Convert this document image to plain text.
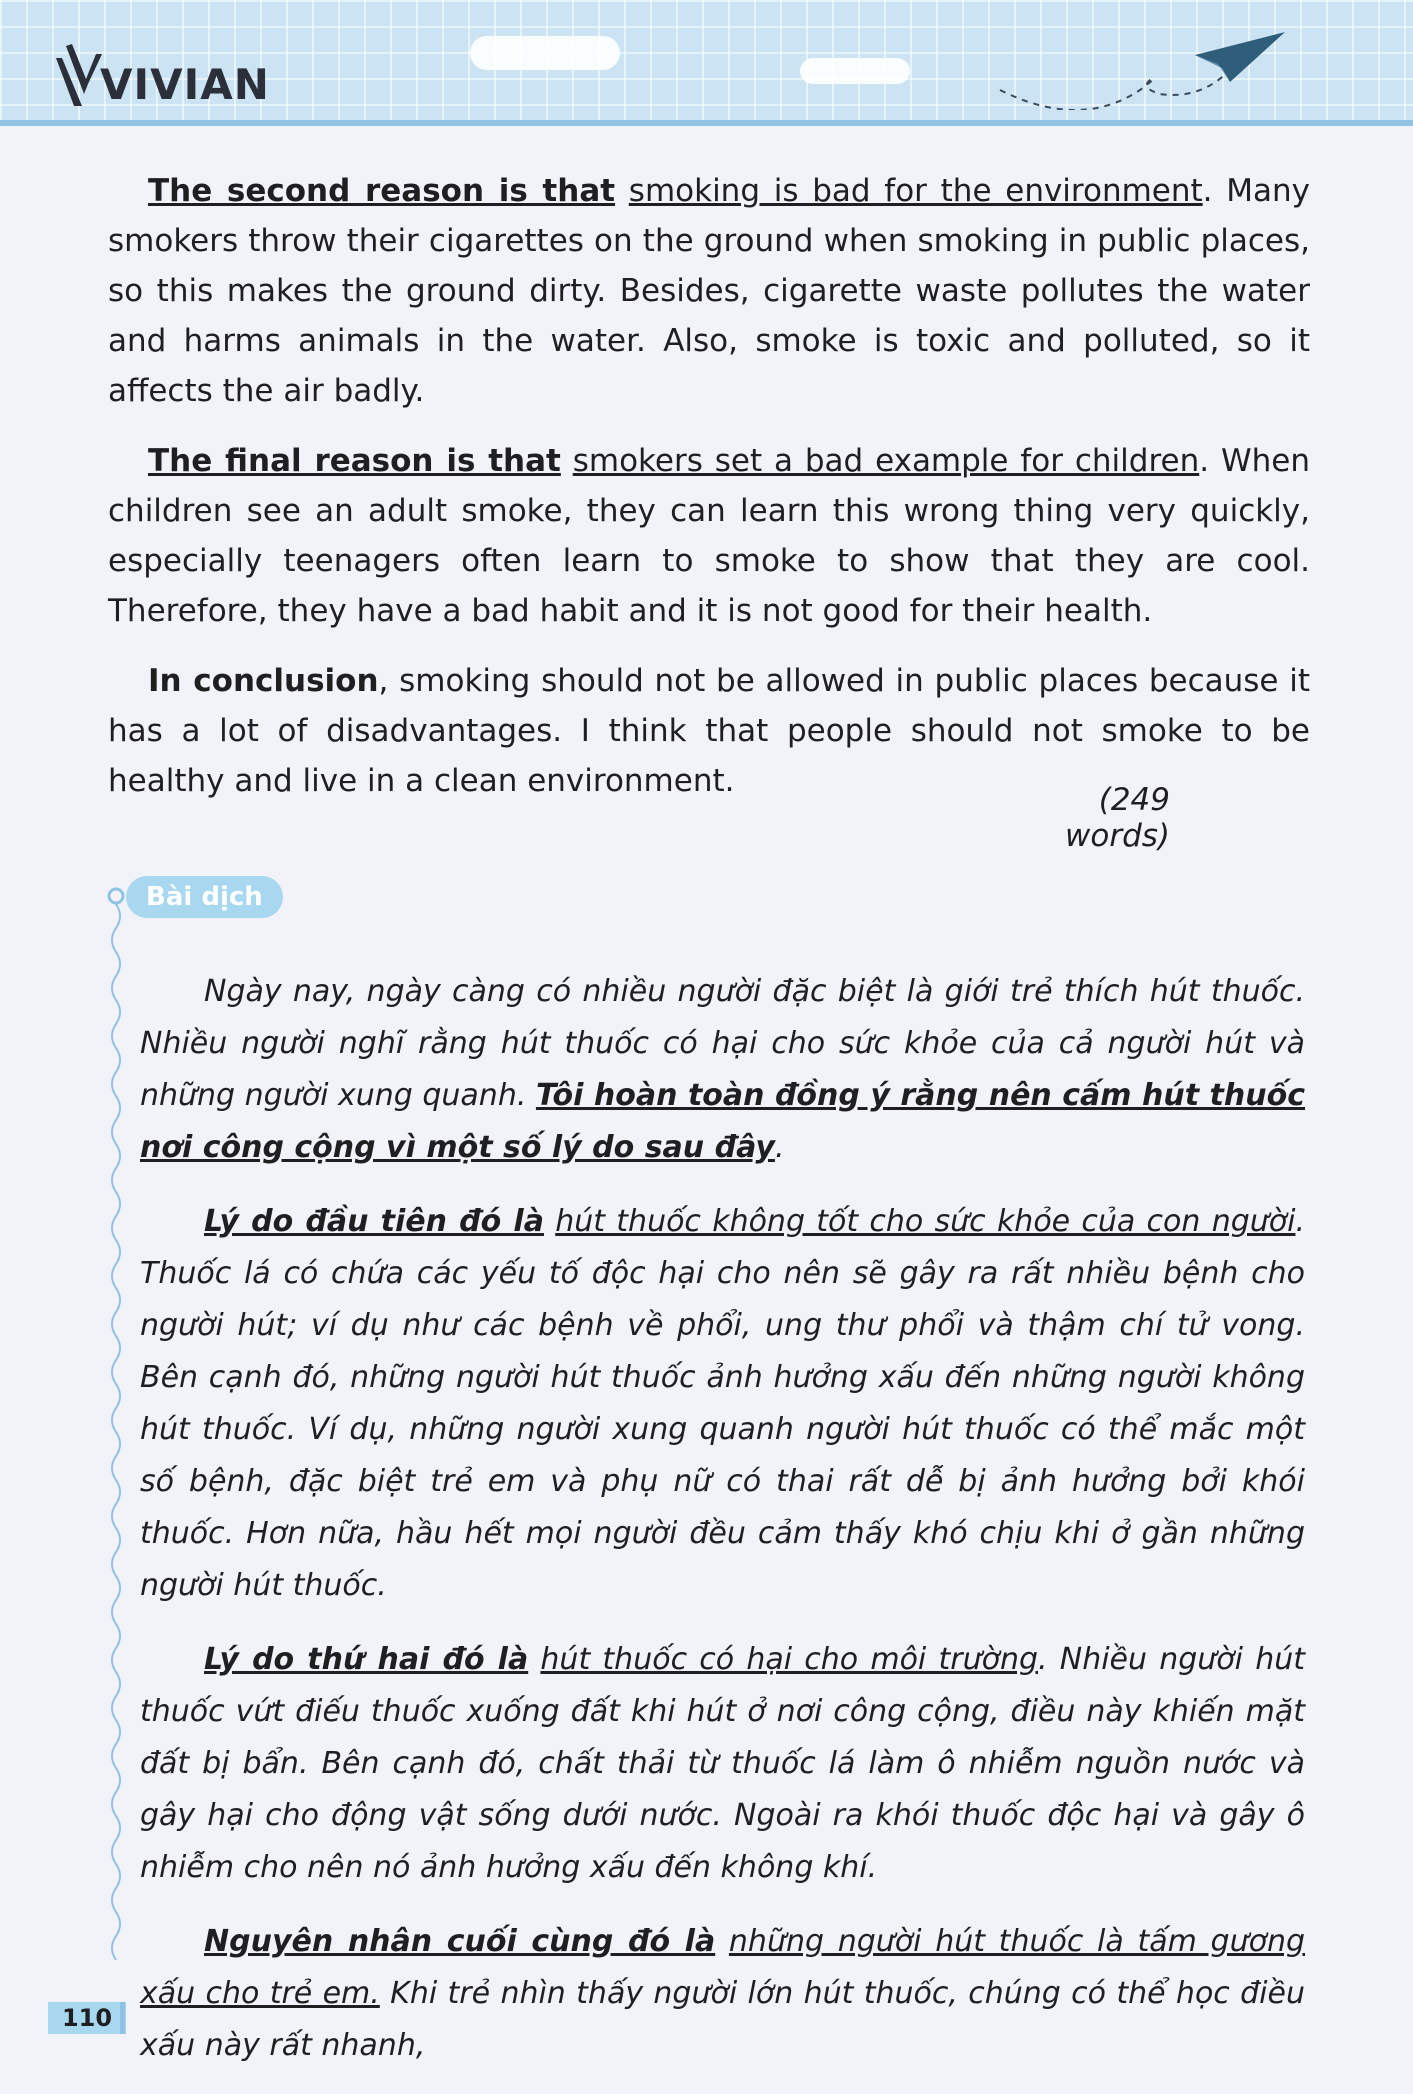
VIVIAN

The second reason is that smoking is bad for the environment. Many smokers throw their cigarettes on the ground when smoking in public places, so this makes the ground dirty. Besides, cigarette waste pollutes the water and harms animals in the water. Also, smoke is toxic and polluted, so it affects the air badly.

The final reason is that smokers set a bad example for children. When children see an adult smoke, they can learn this wrong thing very quickly, especially teenagers often learn to smoke to show that they are cool. Therefore, they have a bad habit and it is not good for their health.

In conclusion, smoking should not be allowed in public places because it has a lot of disadvantages. I think that people should not smoke to be healthy and live in a clean environment.

(249 words)
Bài dịch

Ngày nay, ngày càng có nhiều người đặc biệt là giới trẻ thích hút thuốc. Nhiều người nghĩ rằng hút thuốc có hại cho sức khỏe của cả người hút và những người xung quanh. Tôi hoàn toàn đồng ý rằng nên cấm hút thuốc nơi công cộng vì một số lý do sau đây.

Lý do đầu tiên đó là hút thuốc không tốt cho sức khỏe của con người. Thuốc lá có chứa các yếu tố độc hại cho nên sẽ gây ra rất nhiều bệnh cho người hút; ví dụ như các bệnh về phổi, ung thư phổi và thậm chí tử vong. Bên cạnh đó, những người hút thuốc ảnh hưởng xấu đến những người không hút thuốc. Ví dụ, những người xung quanh người hút thuốc có thể mắc một số bệnh, đặc biệt trẻ em và phụ nữ có thai rất dễ bị ảnh hưởng bởi khói thuốc. Hơn nữa, hầu hết mọi người đều cảm thấy khó chịu khi ở gần những người hút thuốc.

Lý do thứ hai đó là hút thuốc có hại cho môi trường. Nhiều người hút thuốc vứt điếu thuốc xuống đất khi hút ở nơi công cộng, điều này khiến mặt đất bị bẩn. Bên cạnh đó, chất thải từ thuốc lá làm ô nhiễm nguồn nước và gây hại cho động vật sống dưới nước. Ngoài ra khói thuốc độc hại và gây ô nhiễm cho nên nó ảnh hưởng xấu đến không khí.

Nguyên nhân cuối cùng đó là những người hút thuốc là tấm gương xấu cho trẻ em. Khi trẻ nhìn thấy người lớn hút thuốc, chúng có thể học điều xấu này rất nhanh,

110
